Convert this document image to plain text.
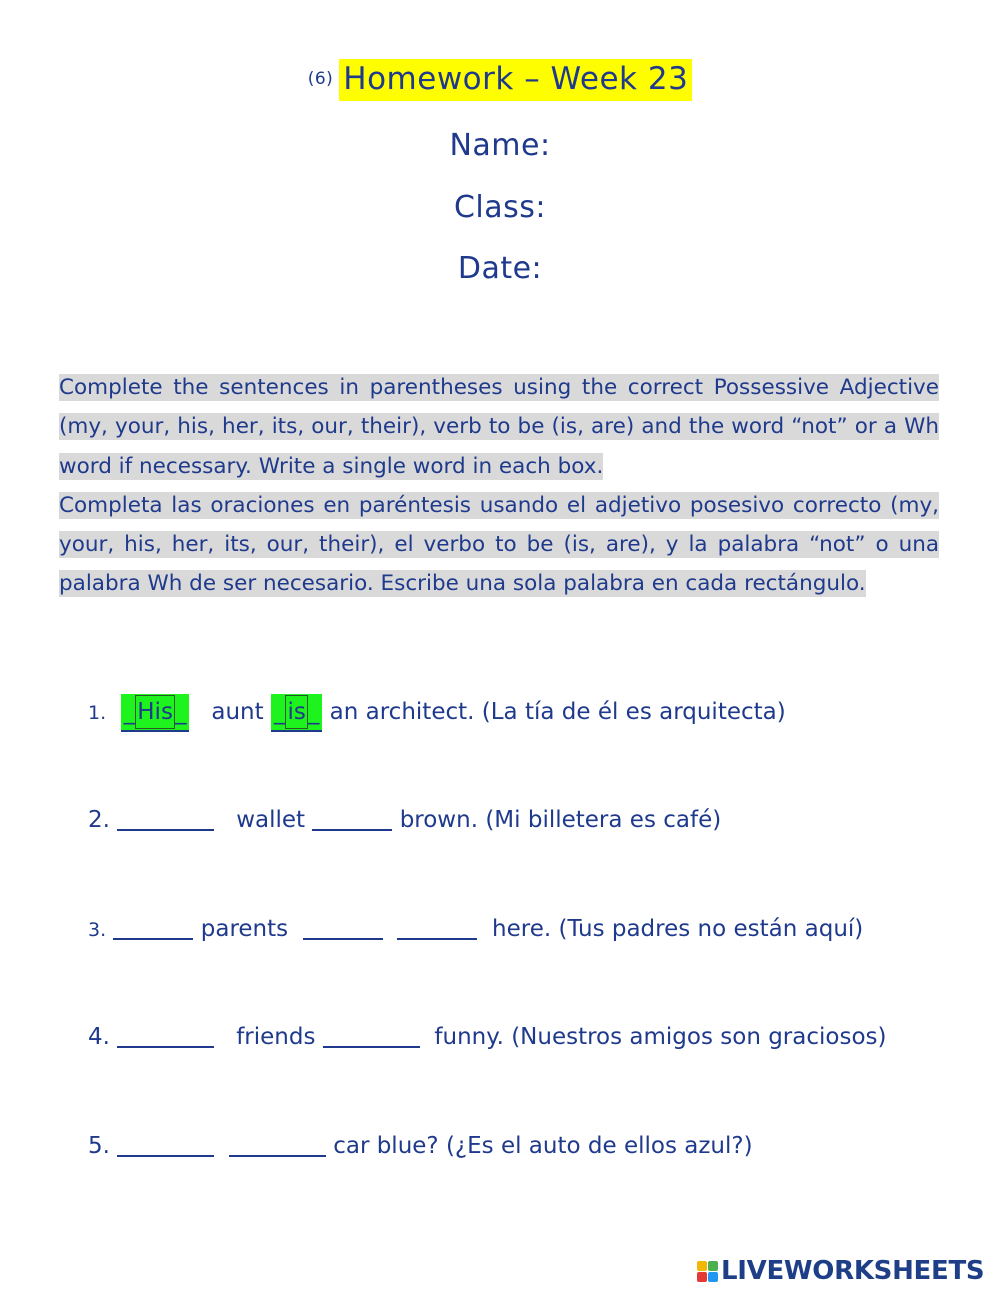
(6) Homework – Week 23
Name:
Class:
Date:

Complete the sentences in parentheses using the correct Possessive Adjective (my, your, his, her, its, our, their), verb to be (is, are) and the word “not” or a Wh word if necessary. Write a single word in each box.

Completa las oraciones en paréntesis usando el adjetivo posesivo correcto (my, your, his, her, its, our, their), el verbo to be (is, are), y la palabra “not” o una palabra Wh de ser necesario. Escribe una sola palabra en cada rectángulo.

1. _His_ aunt _is_ an architect. (La tía de él es arquitecta)
2.	wallet	brown. (Mi billetera es café)
3.	parents	here. (Tus padres no están aquí)
4.	friends	funny. (Nuestros amigos son graciosos)
5.	car blue? (¿Es el auto de ellos azul?)
LIVEWORKSHEETS
